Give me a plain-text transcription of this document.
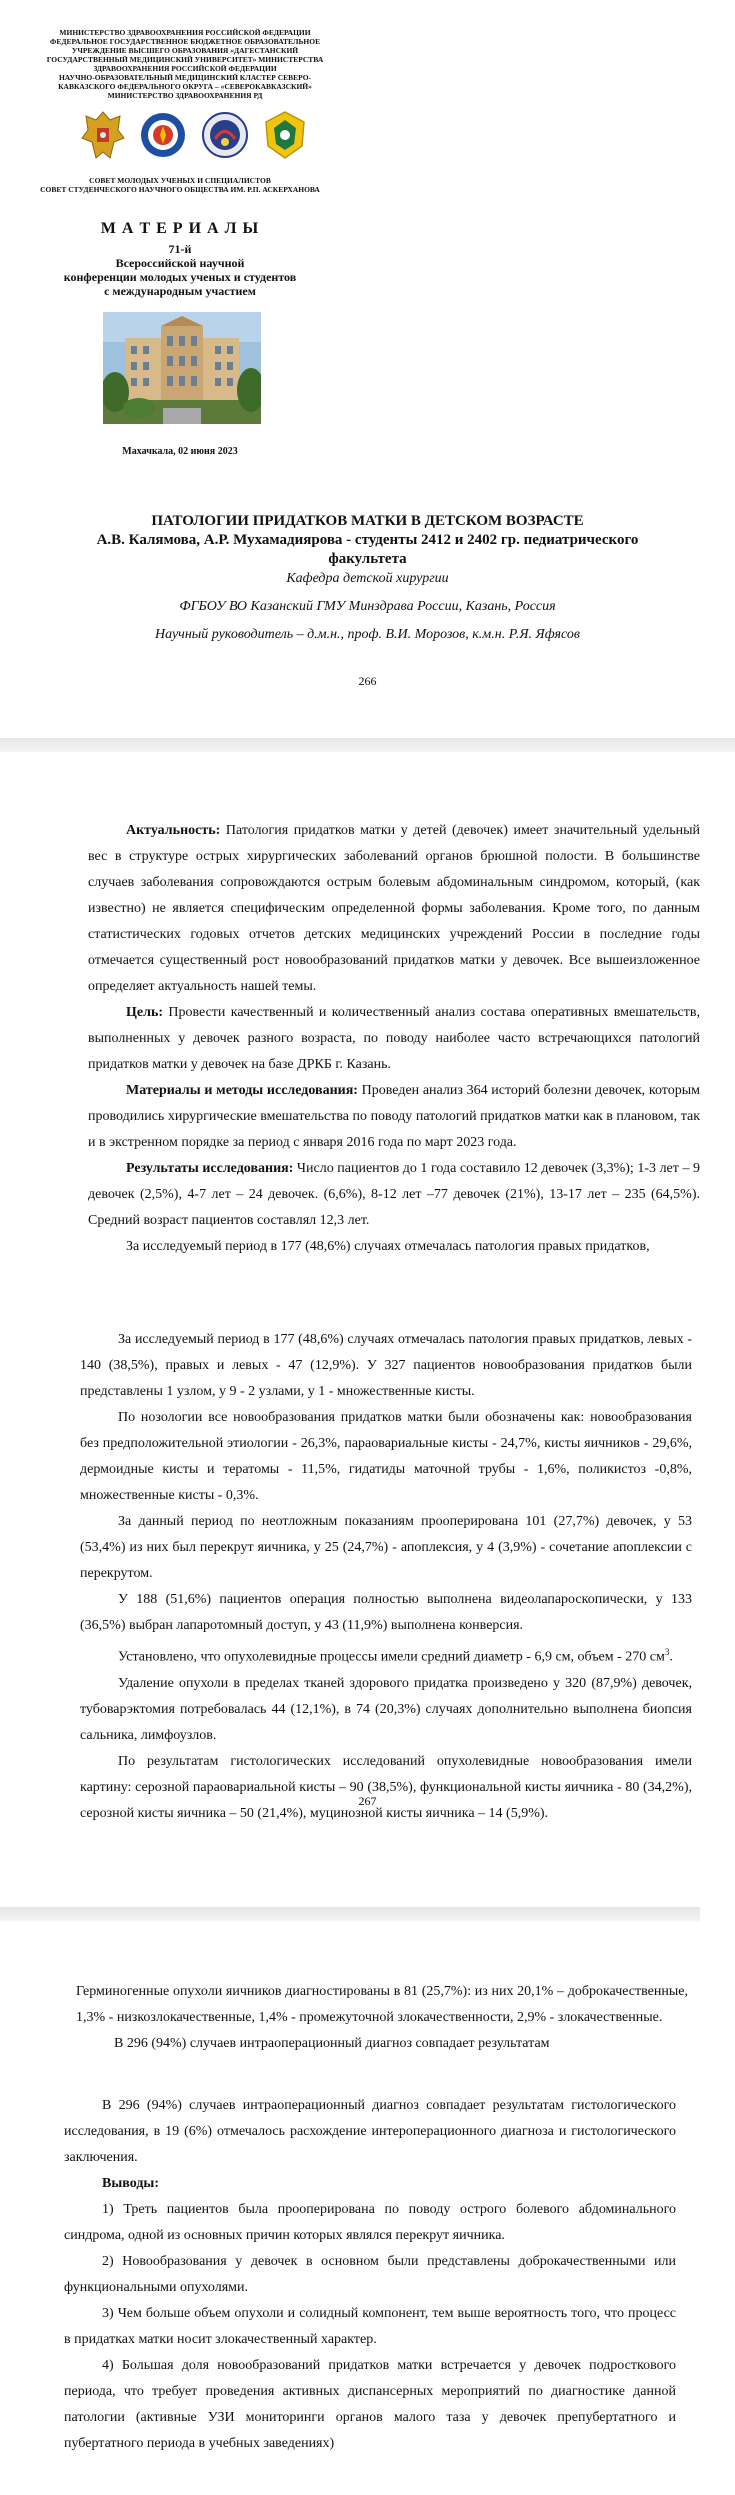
МИНИСТЕРСТВО ЗДРАВООХРАНЕНИЯ РОССИЙСКОЙ ФЕДЕРАЦИИ
ФЕДЕРАЛЬНОЕ ГОСУДАРСТВЕННОЕ БЮДЖЕТНОЕ ОБРАЗОВАТЕЛЬНОЕ
УЧРЕЖДЕНИЕ ВЫСШЕГО ОБРАЗОВАНИЯ «ДАГЕСТАНСКИЙ
ГОСУДАРСТВЕННЫЙ МЕДИЦИНСКИЙ УНИВЕРСИТЕТ» МИНИСТЕРСТВА
ЗДРАВООХРАНЕНИЯ РОССИЙСКОЙ ФЕДЕРАЦИИ
НАУЧНО-ОБРАЗОВАТЕЛЬНЫЙ МЕДИЦИНСКИЙ КЛАСТЕР СЕВЕРО-
КАВКАЗСКОГО ФЕДЕРАЛЬНОГО ОКРУГА – «СЕВЕРОКАВКАЗСКИЙ»
МИНИСТЕРСТВО ЗДРАВООХРАНЕНИЯ РД
СОВЕТ МОЛОДЫХ УЧЕНЫХ И СПЕЦИАЛИСТОВ
СОВЕТ СТУДЕНЧЕСКОГО НАУЧНОГО ОБЩЕСТВА ИМ. Р.П. АСКЕРХАНОВА
М А Т Е Р И А Л Ы
71-й
Всероссийской научной
конференции молодых ученых и студентов
с международным участием
Махачкала, 02 июня 2023
ПАТОЛОГИИ ПРИДАТКОВ МАТКИ В ДЕТСКОМ ВОЗРАСТЕ
А.В. Калямова, А.Р. Мухамадиярова - студенты 2412 и 2402 гр. педиатрического
факультета
Кафедра детской хирургии
ФГБОУ ВО Казанский ГМУ Минздрава России, Казань, Россия
Научный руководитель – д.м.н., проф. В.И. Морозов, к.м.н. Р.Я. Яфясов
266

Актуальность: Патология придатков матки у детей (девочек) имеет значительный удельный вес в структуре острых хирургических заболеваний органов брюшной полости. В большинстве случаев заболевания сопровождаются острым болевым абдоминальным синдромом, который, (как известно) не является специфическим определенной формы заболевания. Кроме того, по данным статистических годовых отчетов детских медицинских учреждений России в последние годы отмечается существенный рост новообразований придатков матки у девочек. Все вышеизложенное определяет актуальность нашей темы.

Цель: Провести качественный и количественный анализ состава оперативных вмешательств, выполненных у девочек разного возраста, по поводу наиболее часто встречающихся патологий придатков матки у девочек на базе ДРКБ г. Казань.

Материалы и методы исследования: Проведен анализ 364 историй болезни девочек, которым проводились хирургические вмешательства по поводу патологий придатков матки как в плановом, так и в экстренном порядке за период с января 2016 года по март 2023 года.

Результаты исследования: Число пациентов до 1 года составило 12 девочек (3,3%); 1-3 лет – 9 девочек (2,5%), 4-7 лет – 24 девочек. (6,6%), 8-12 лет –77 девочек (21%), 13-17 лет – 235 (64,5%). Средний возраст пациентов составлял 12,3 лет.

За исследуемый период в 177 (48,6%) случаях отмечалась патология правых придатков,

За исследуемый период в 177 (48,6%) случаях отмечалась патология правых придатков, левых - 140 (38,5%), правых и левых - 47 (12,9%). У 327 пациентов новообразования придатков были представлены 1 узлом, у 9 - 2 узлами, у 1 - множественные кисты.

По нозологии все новообразования придатков матки были обозначены как: новообразования без предположительной этиологии - 26,3%, параовариальные кисты - 24,7%, кисты яичников - 29,6%, дермоидные кисты и тератомы - 11,5%, гидатиды маточной трубы - 1,6%, поликистоз -0,8%, множественные кисты - 0,3%.

За данный период по неотложным показаниям прооперирована 101 (27,7%) девочек, у 53 (53,4%) из них был перекрут яичника, у 25 (24,7%) - апоплексия, у 4 (3,9%) - сочетание апоплексии с перекрутом.

У 188 (51,6%) пациентов операция полностью выполнена видеолапароскопически, у 133 (36,5%) выбран лапаротомный доступ, у 43 (11,9%) выполнена конверсия.

Установлено, что опухолевидные процессы имели средний диаметр - 6,9 см, объем - 270 $см^3$.

Удаление опухоли в пределах тканей здорового придатка произведено у 320 (87,9%) девочек, тубоварэктомия потребовалась 44 (12,1%), в 74 (20,3%) случаях дополнительно выполнена биопсия сальника, лимфоузлов.

По результатам гистологических исследований опухолевидные новообразования имели картину: серозной параовариальной кисты – 90 (38,5%), функциональной кисты яичника - 80 (34,2%), серозной кисты яичника – 50 (21,4%), муцинозной кисты яичника – 14 (5,9%).

267

Герминогенные опухоли яичников диагностированы в 81 (25,7%): из них 20,1% – доброкачественные, 1,3% - низкозлокачественные, 1,4% - промежуточной злокачественности, 2,9% - злокачественные.

В 296 (94%) случаев интраоперационный диагноз совпадает результатам

В 296 (94%) случаев интраоперационный диагноз совпадает результатам гистологического исследования, в 19 (6%) отмечалось расхождение интероперационного диагноза и гистологического заключения.

Выводы:

1) Треть пациентов была прооперирована по поводу острого болевого абдоминального синдрома, одной из основных причин которых являлся перекрут яичника.

2) Новообразования у девочек в основном были представлены доброкачественными или функциональными опухолями.

3) Чем больше объем опухоли и солидный компонент, тем выше вероятность того, что процесс в придатках матки носит злокачественный характер.

4) Большая доля новообразований придатков матки встречается у девочек подросткового периода, что требует проведения активных диспансерных мероприятий по диагностике данной патологии (активные УЗИ мониторинги органов малого таза у девочек препубертатного и пубертатного периода в учебных заведениях)
